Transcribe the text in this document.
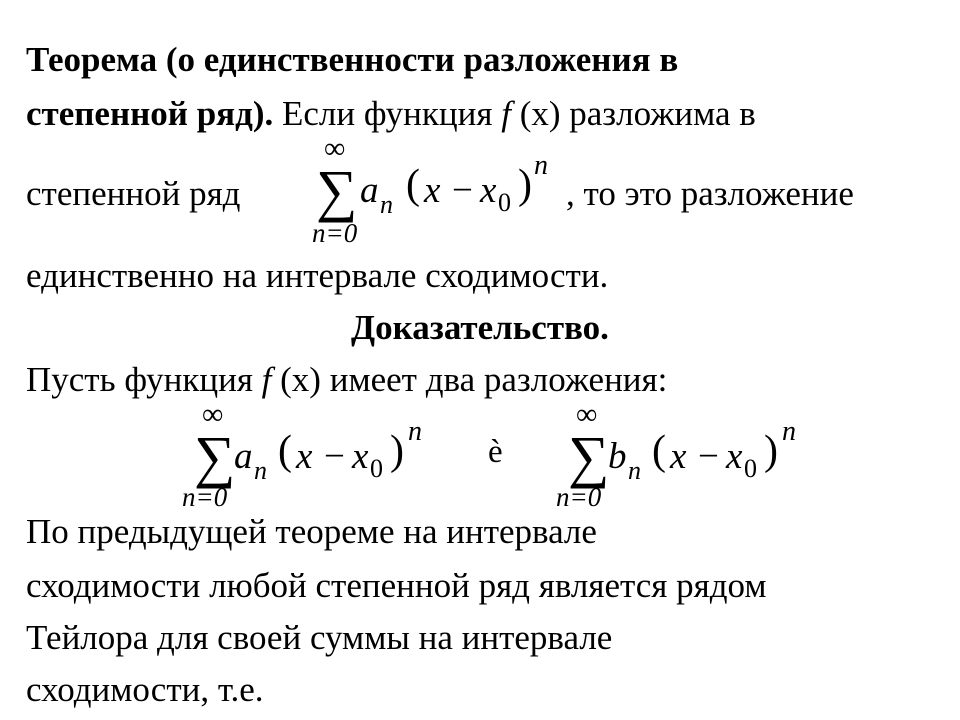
Теорема (о единственности разложения в
степенной ряд). Если функция f (x) разложима в
степенной ряд
∞
∑
n=0
a n ( x − x 0 ) n
, то это разложение
единственно на интервале сходимости.
Доказательство.
Пусть функция f (x) имеет два разложения:
∞
∑
n=0
a n ( x − x 0 ) n
è
∞
∑
n=0
b n ( x − x 0 ) n
По предыдущей теореме на интервале
сходимости любой степенной ряд является рядом
Тейлора для своей суммы на интервале
сходимости, т.е.
